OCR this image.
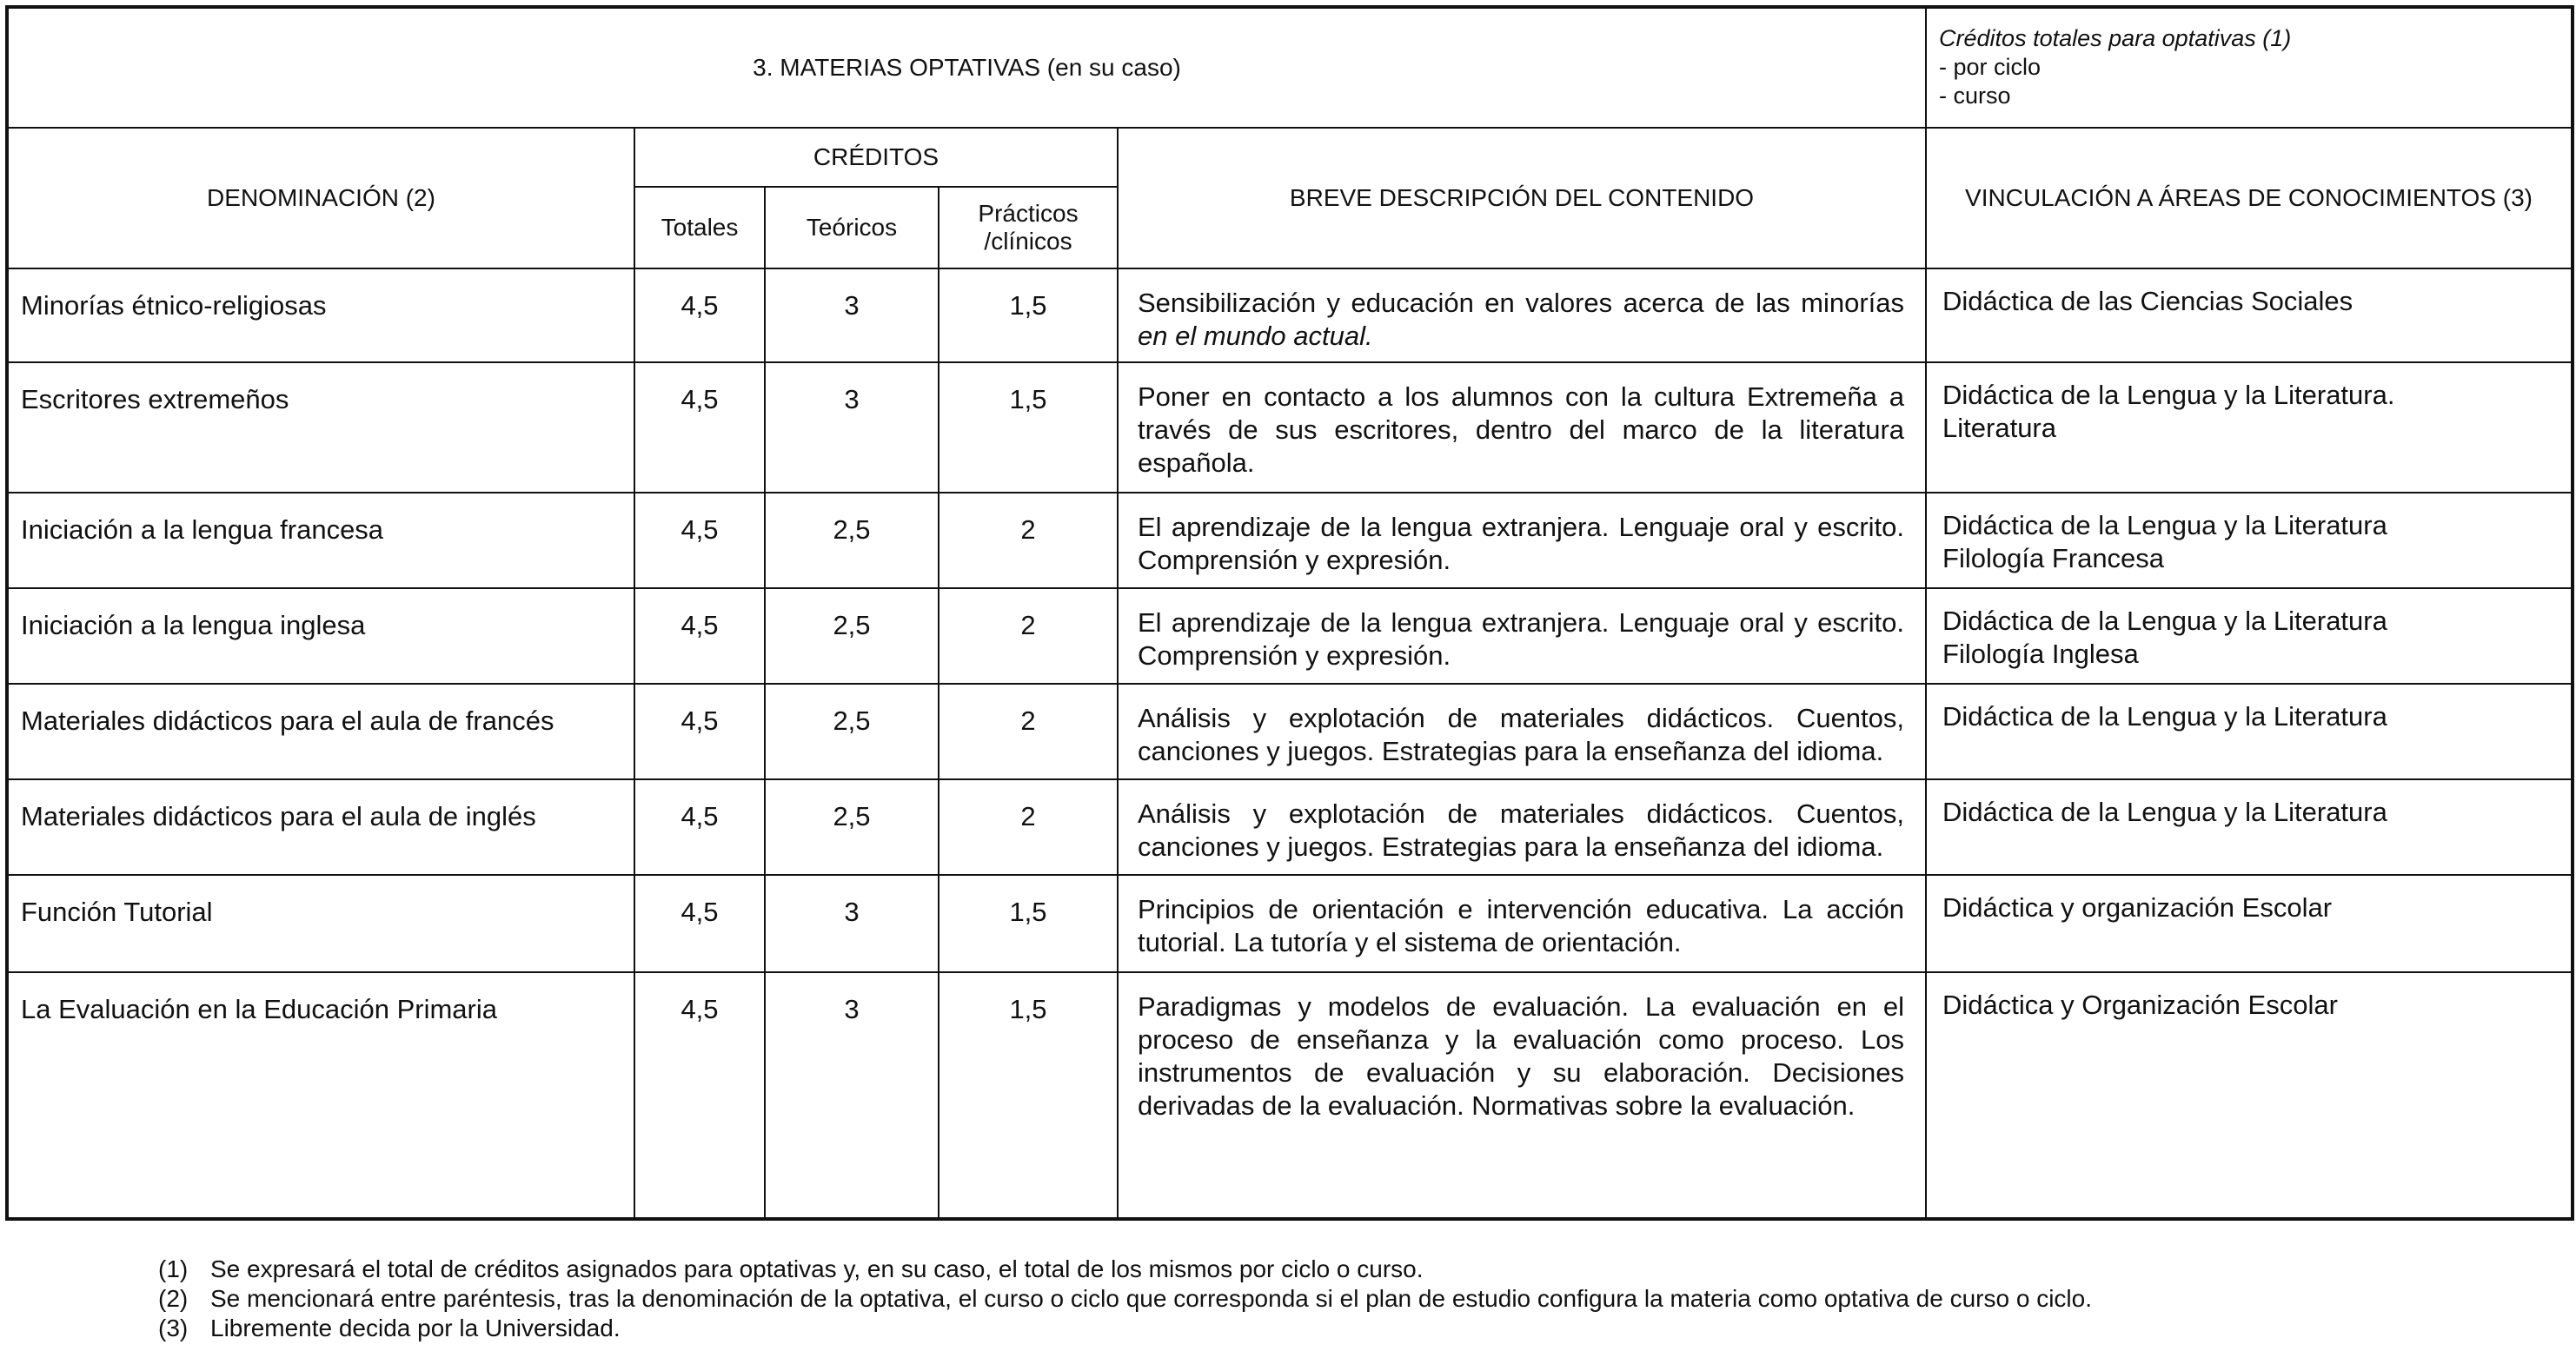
3. MATERIAS OPTATIVAS (en su caso)					Créditos totales para optativas (1)
- por ciclo
- curso

DENOMINACIÓN (2)	CRÉDITOS			BREVE DESCRIPCIÓN DEL CONTENIDO	VINCULACIÓN A ÁREAS DE CONOCIMIENTOS (3)
	Totales	Teóricos	Prácticos
/clínicos		

Minorías étnico-religiosas	4,5	3	1,5	Sensibilización y educación en valores acerca de las minorías en el mundo actual.	Didáctica de las Ciencias Sociales

Escritores extremeños	4,5	3	1,5	Poner en contacto a los alumnos con la cultura Extremeña a través de sus escritores, dentro del marco de la literatura española.	Didáctica de la Lengua y la Literatura.
Literatura

Iniciación a la lengua francesa	4,5	2,5	2	El aprendizaje de la lengua extranjera. Lenguaje oral y escrito. Comprensión y expresión.	Didáctica de la Lengua y la Literatura
Filología Francesa

Iniciación a la lengua inglesa	4,5	2,5	2	El aprendizaje de la lengua extranjera. Lenguaje oral y escrito. Comprensión y expresión.	Didáctica de la Lengua y la Literatura
Filología Inglesa

Materiales didácticos para el aula de francés	4,5	2,5	2	Análisis y explotación de materiales didácticos. Cuentos, canciones y juegos. Estrategias para la enseñanza del idioma.	Didáctica de la Lengua y la Literatura

Materiales didácticos para el aula de inglés	4,5	2,5	2	Análisis y explotación de materiales didácticos. Cuentos, canciones y juegos. Estrategias para la enseñanza del idioma.	Didáctica de la Lengua y la Literatura

Función Tutorial	4,5	3	1,5	Principios de orientación e intervención educativa. La acción tutorial. La tutoría y el sistema de orientación.	Didáctica y organización Escolar

La Evaluación en la Educación Primaria	4,5	3	1,5	Paradigmas y modelos de evaluación. La evaluación en el proceso de enseñanza y la evaluación como proceso. Los instrumentos de evaluación y su elaboración. Decisiones derivadas de la evaluación. Normativas sobre la evaluación.	Didáctica y Organización Escolar
(1) Se expresará el total de créditos asignados para optativas y, en su caso, el total de los mismos por ciclo o curso.
(2) Se mencionará entre paréntesis, tras la denominación de la optativa, el curso o ciclo que corresponda si el plan de estudio configura la materia como optativa de curso o ciclo.
(3) Libremente decida por la Universidad.
